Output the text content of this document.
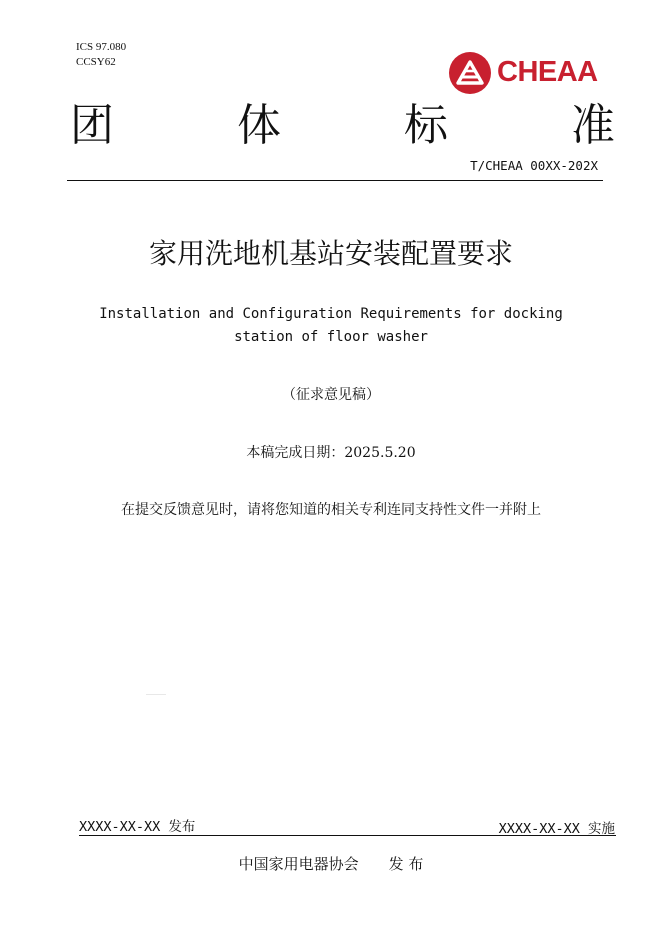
ICS 97.080
CCSY62	CHEAA
团	体	标	准
T/CHEAA 00XX-202X
家用洗地机基站安装配置要求
Installation and Configuration Requirements for docking
station of floor washer
（征求意见稿）
本稿完成日期：2025.5.20
在提交反馈意见时，请将您知道的相关专利连同支持性文件一并附上
XXXX-XX-XX 发布	XXXX-XX-XX 实施
中国家用电器协会 发 布
